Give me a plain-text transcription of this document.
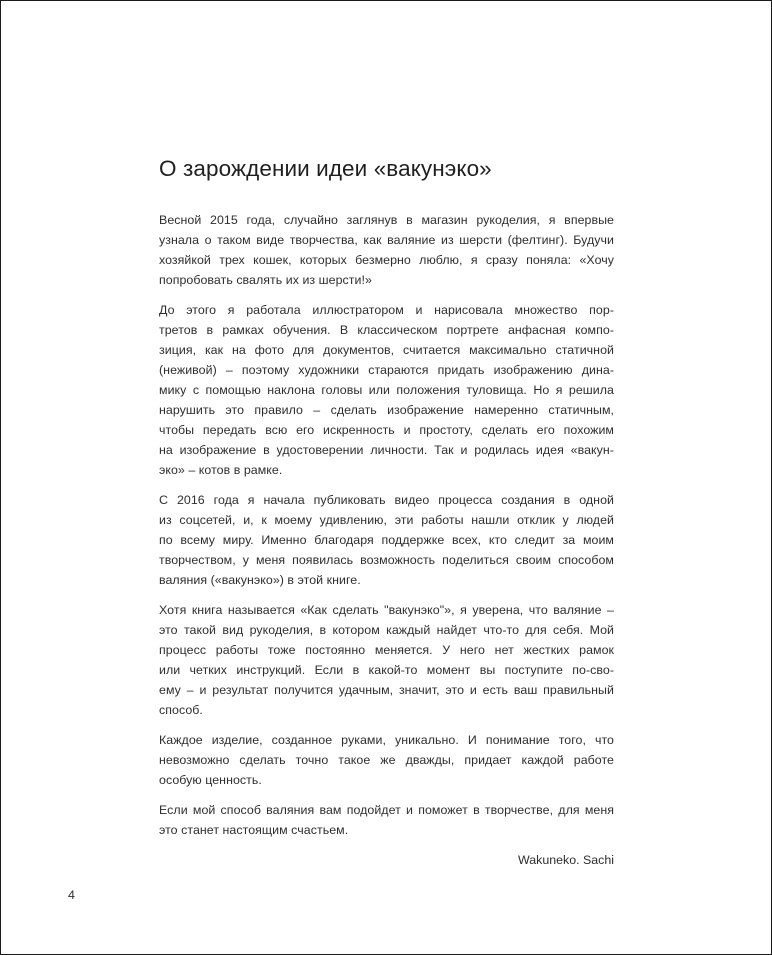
О зарождении идеи «вакунэко»

Весной 2015 года, случайно заглянув в магазин рукоделия, я впервые
узнала о таком виде творчества, как валяние из шерсти (фелтинг). Будучи
хозяйкой трех кошек, которых безмерно люблю, я сразу поняла: «Хочу
попробовать свалять их из шерсти!»

До этого я работала иллюстратором и нарисовала множество пор-
третов в рамках обучения. В классическом портрете анфасная компо-
зиция, как на фото для документов, считается максимально статичной
(неживой) – поэтому художники стараются придать изображению дина-
мику с помощью наклона головы или положения туловища. Но я решила
нарушить это правило – сделать изображение намеренно статичным,
чтобы передать всю его искренность и простоту, сделать его похожим
на изображение в удостоверении личности. Так и родилась идея «вакун-
эко» – котов в рамке.

С 2016 года я начала публиковать видео процесса создания в одной
из соцсетей, и, к моему удивлению, эти работы нашли отклик у людей
по всему миру. Именно благодаря поддержке всех, кто следит за моим
творчеством, у меня появилась возможность поделиться своим способом
валяния («вакунэко») в этой книге.

Хотя книга называется «Как сделать "вакунэко"», я уверена, что валяние –
это такой вид рукоделия, в котором каждый найдет что-то для себя. Мой
процесс работы тоже постоянно меняется. У него нет жестких рамок
или четких инструкций. Если в какой-то момент вы поступите по-сво-
ему – и результат получится удачным, значит, это и есть ваш правильный
способ.

Каждое изделие, созданное руками, уникально. И понимание того, что
невозможно сделать точно такое же дважды, придает каждой работе
особую ценность.

Если мой способ валяния вам подойдет и поможет в творчестве, для меня
это станет настоящим счастьем.

Wakuneko. Sachi
4
